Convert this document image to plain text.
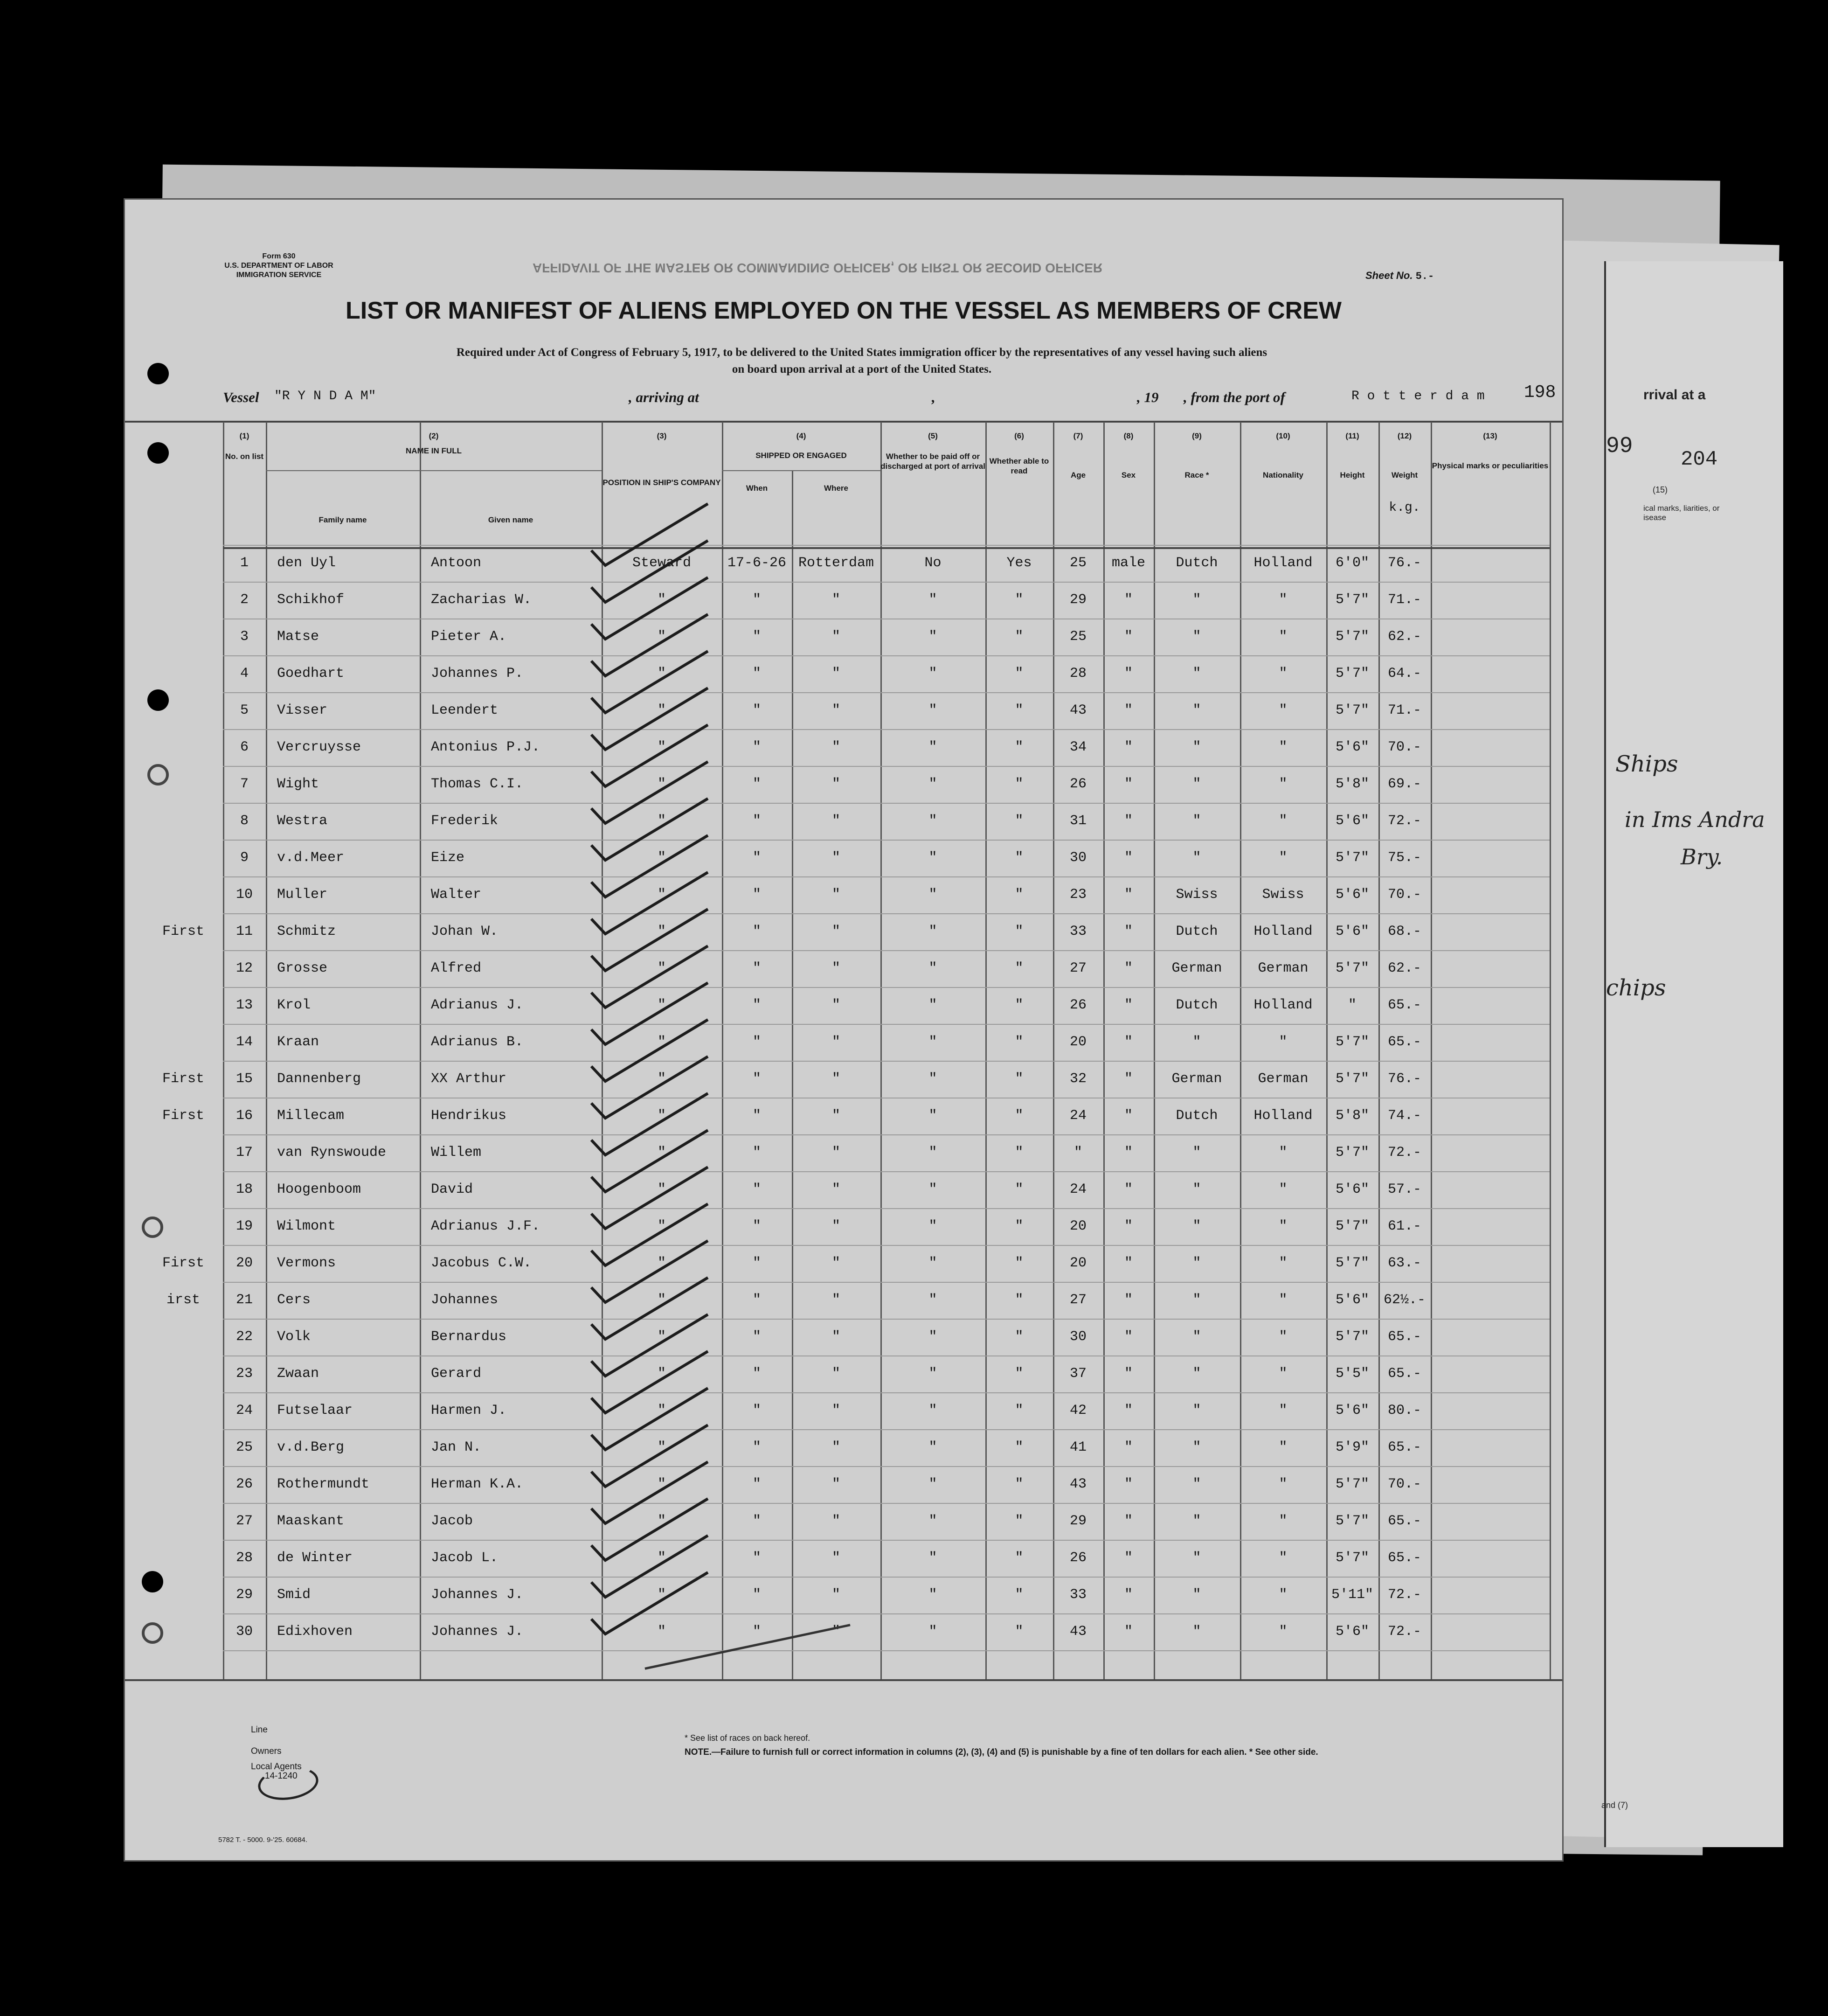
rrival at a
99
204
(15)
ical marks, liarities, or isease
Ships
in Ims Andra
Bry.
chips
and (7)
Form 630
U.S. DEPARTMENT OF LABOR
IMMIGRATION SERVICE	AFFIDAVIT OF THE MASTER OR COMMANDING OFFICER, OR FIRST OR SECOND OFFICER
Sheet No. 5.-
LIST OR MANIFEST OF ALIENS EMPLOYED ON THE VESSEL AS MEMBERS OF CREW
Required under Act of Congress of February 5, 1917, to be delivered to the United States immigration officer by the representatives of any vessel having such aliens
on board upon arrival at a port of the United States.
Vessel "R Y N D A M"	, arriving at	,	, 19 , from the port of	R o t t e r d a m 198
(1)
No. on list
(2)
NAME IN FULL
Family name	Given name
(3)
POSITION IN SHIP'S COMPANY
(4)
SHIPPED OR ENGAGED
When	Where
(5)
Whether to be paid off or discharged at port of arrival
(6)
Whether able to read
(7)
Age
(8)
Sex
(9)
Race *
(10)
Nationality
(11)
Height
(12)
Weight
k.g.
(13)
Physical marks or peculiarities
1	den Uyl	Antoon	Steward	17-6-26 Rotterdam	No	Yes	25	male	Dutch	Holland	6'0"	76.-
2	Schikhof	Zacharias W.	"	"	"	"	"	29	"	"	"	5'7"	71.-
3	Matse	Pieter A.	"	"	"	"	"	25	"	"	"	5'7"	62.-
4	Goedhart	Johannes P.	"	"	"	"	"	28	"	"	"	5'7"	64.-
5	Visser	Leendert	"	"	"	"	"	43	"	"	"	5'7"	71.-
6	Vercruysse	Antonius P.J.	"	"	"	"	"	34	"	"	"	5'6"	70.-
7	Wight	Thomas C.I.	"	"	"	"	"	26	"	"	"	5'8"	69.-
8	Westra	Frederik	"	"	"	"	"	31	"	"	"	5'6"	72.-
9	v.d.Meer	Eize	"	"	"	"	"	30	"	"	"	5'7"	75.-
10	Muller	Walter	"	"	"	"	"	23	"	Swiss	Swiss	5'6"	70.-
First	11	Schmitz	Johan W.	"	"	"	"	"	33	"	Dutch	Holland	5'6"	68.-
12	Grosse	Alfred	"	"	"	"	"	27	"	German	German	5'7"	62.-
13	Krol	Adrianus J.	"	"	"	"	"	26	"	Dutch	Holland	"	65.-
14	Kraan	Adrianus B.	"	"	"	"	"	20	"	"	"	5'7"	65.-
First	15	Dannenberg	XX Arthur	"	"	"	"	"	32	"	German	German	5'7"	76.-
First	16	Millecam	Hendrikus	"	"	"	"	"	24	"	Dutch	Holland	5'8"	74.-
17	van Rynswoude	Willem	"	"	"	"	"	"	"	"	"	5'7"	72.-
18	Hoogenboom	David	"	"	"	"	"	24	"	"	"	5'6"	57.-
19	Wilmont	Adrianus J.F.	"	"	"	"	"	20	"	"	"	5'7"	61.-
First	20	Vermons	Jacobus C.W.	"	"	"	"	"	20	"	"	"	5'7"	63.-
irst	21	Cers	Johannes	"	"	"	"	"	27	"	"	"	5'6"	62½.-
22	Volk	Bernardus	"	"	"	"	"	30	"	"	"	5'7"	65.-
23	Zwaan	Gerard	"	"	"	"	"	37	"	"	"	5'5"	65.-
24	Futselaar	Harmen J.	"	"	"	"	"	42	"	"	"	5'6"	80.-
25	v.d.Berg	Jan N.	"	"	"	"	"	41	"	"	"	5'9"	65.-
26	Rothermundt	Herman K.A.	"	"	"	"	"	43	"	"	"	5'7"	70.-
27	Maaskant	Jacob	"	"	"	"	"	29	"	"	"	5'7"	65.-
28	de Winter	Jacob L.	"	"	"	"	"	26	"	"	"	5'7"	65.-
29	Smid	Johannes J.	"	"	"	"	"	33	"	"	"	5'11"	72.-
30	Edixhoven	Johannes J.	"	"	"	"	"	43	"	"	"	5'6"	72.-
Line
Owners
Local Agents
14-1240
* See list of races on back hereof.
NOTE.—Failure to furnish full or correct information in columns (2), (3), (4) and (5) is punishable by a fine of ten dollars for each alien. * See other side.
5782 T. - 5000. 9-'25. 60684.
